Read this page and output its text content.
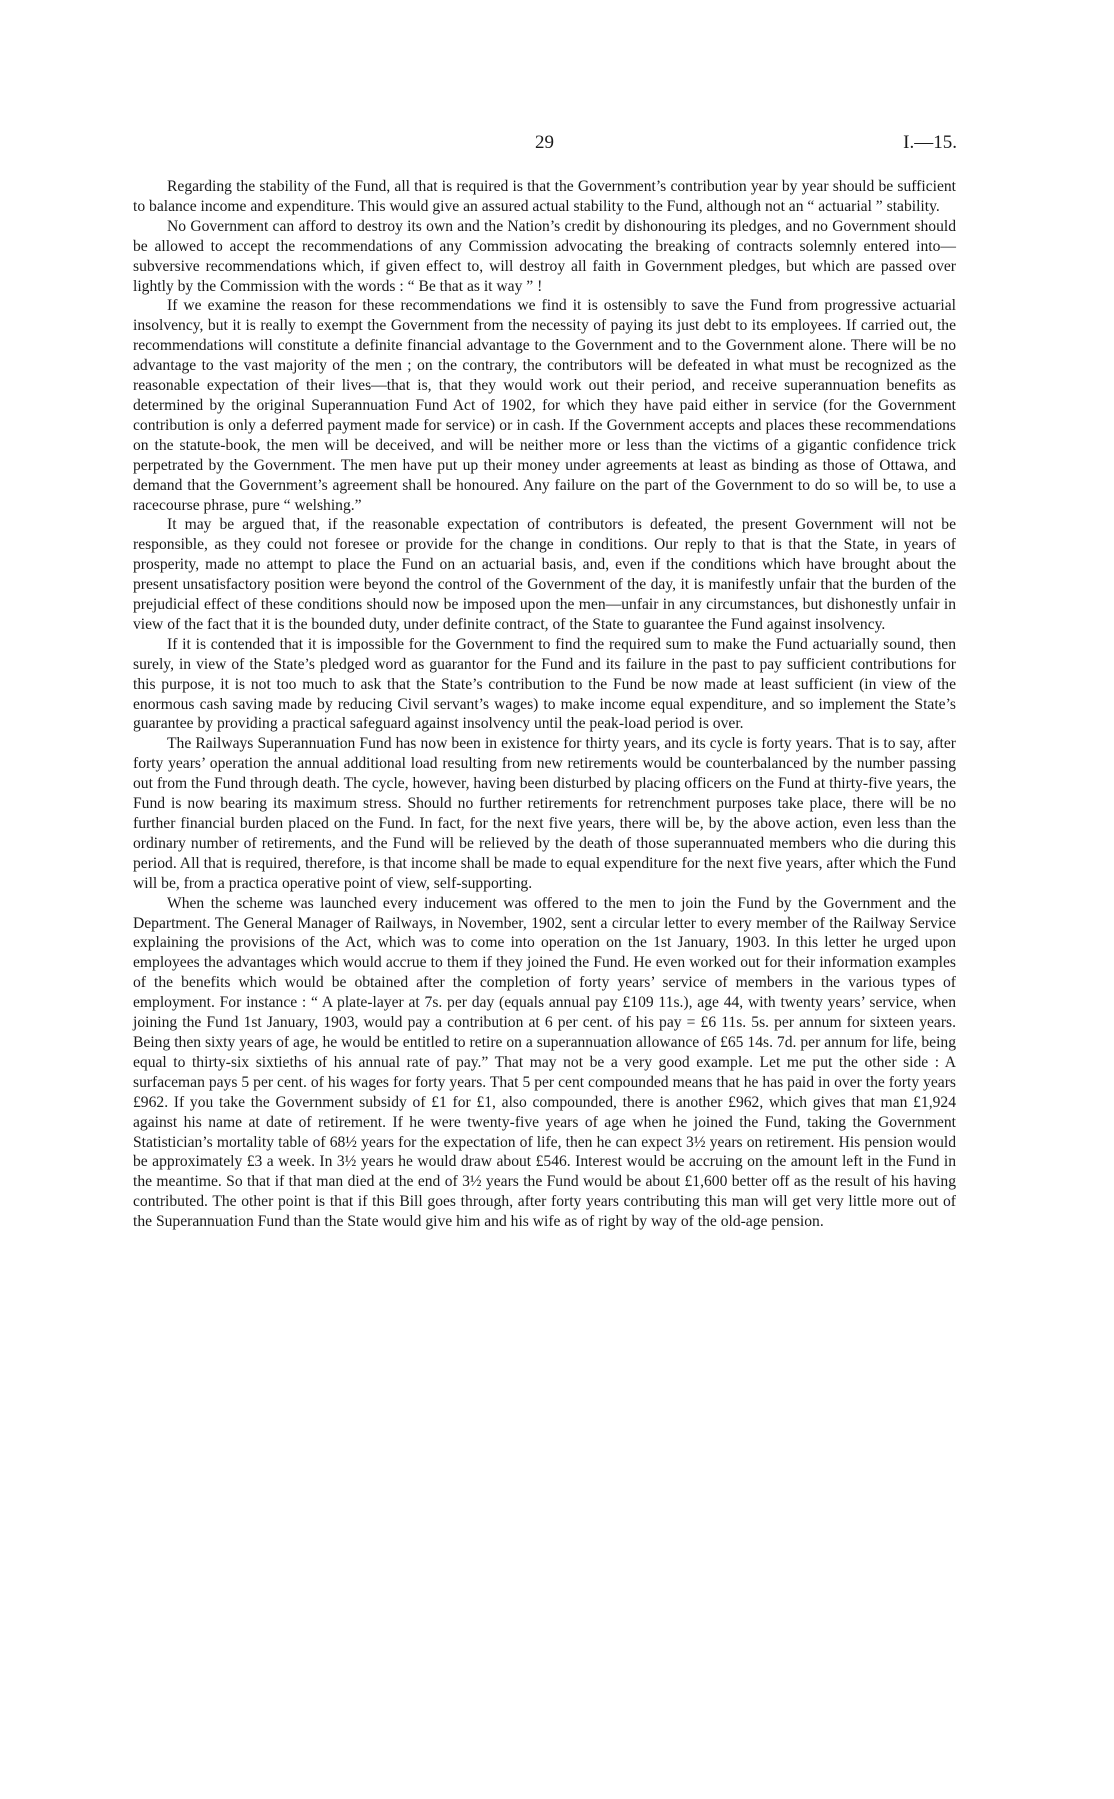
29	I.—15.

Regarding the stability of the Fund, all that is required is that the Government’s contribution year by year should be sufficient to balance income and expenditure. This would give an assured actual stability to the Fund, although not an “ actuarial ” stability.

No Government can afford to destroy its own and the Nation’s credit by dishonouring its pledges, and no Government should be allowed to accept the recommendations of any Commission advocating the breaking of contracts solemnly entered into—subversive recommendations which, if given effect to, will destroy all faith in Government pledges, but which are passed over lightly by the Commission with the words : “ Be that as it way ” !

If we examine the reason for these recommendations we find it is ostensibly to save the Fund from progressive actuarial insolvency, but it is really to exempt the Government from the necessity of paying its just debt to its employees. If carried out, the recommendations will constitute a definite financial advantage to the Government and to the Government alone. There will be no advantage to the vast majority of the men ; on the contrary, the contributors will be defeated in what must be recognized as the reasonable expectation of their lives—that is, that they would work out their period, and receive superannuation benefits as determined by the original Superannuation Fund Act of 1902, for which they have paid either in service (for the Government contribution is only a deferred payment made for service) or in cash. If the Government accepts and places these recommendations on the statute-book, the men will be deceived, and will be neither more or less than the victims of a gigantic confidence trick perpetrated by the Government. The men have put up their money under agreements at least as binding as those of Ottawa, and demand that the Government’s agreement shall be honoured. Any failure on the part of the Government to do so will be, to use a racecourse phrase, pure “ welshing.”

It may be argued that, if the reasonable expectation of contributors is defeated, the present Government will not be responsible, as they could not foresee or provide for the change in conditions. Our reply to that is that the State, in years of prosperity, made no attempt to place the Fund on an actuarial basis, and, even if the conditions which have brought about the present unsatisfactory position were beyond the control of the Government of the day, it is manifestly unfair that the burden of the prejudicial effect of these conditions should now be imposed upon the men—unfair in any circumstances, but dishonestly unfair in view of the fact that it is the bounded duty, under definite contract, of the State to guarantee the Fund against insolvency.

If it is contended that it is impossible for the Government to find the required sum to make the Fund actuarially sound, then surely, in view of the State’s pledged word as guarantor for the Fund and its failure in the past to pay sufficient contributions for this purpose, it is not too much to ask that the State’s contribution to the Fund be now made at least sufficient (in view of the enormous cash saving made by reducing Civil servant’s wages) to make income equal expenditure, and so implement the State’s guarantee by providing a practical safeguard against insolvency until the peak-load period is over.

The Railways Superannuation Fund has now been in existence for thirty years, and its cycle is forty years. That is to say, after forty years’ operation the annual additional load resulting from new retirements would be counterbalanced by the number passing out from the Fund through death. The cycle, however, having been disturbed by placing officers on the Fund at thirty-five years, the Fund is now bearing its maximum stress. Should no further retirements for retrenchment purposes take place, there will be no further financial burden placed on the Fund. In fact, for the next five years, there will be, by the above action, even less than the ordinary number of retirements, and the Fund will be relieved by the death of those superannuated members who die during this period. All that is required, therefore, is that income shall be made to equal expenditure for the next five years, after which the Fund will be, from a practica operative point of view, self-supporting.

When the scheme was launched every inducement was offered to the men to join the Fund by the Government and the Department. The General Manager of Railways, in November, 1902, sent a circular letter to every member of the Railway Service explaining the provisions of the Act, which was to come into operation on the 1st January, 1903. In this letter he urged upon employees the advantages which would accrue to them if they joined the Fund. He even worked out for their information examples of the benefits which would be obtained after the completion of forty years’ service of members in the various types of employment. For instance : “ A plate-layer at 7s. per day (equals annual pay £109 11s.), age 44, with twenty years’ service, when joining the Fund 1st January, 1903, would pay a contribution at 6 per cent. of his pay = £6 11s. 5s. per annum for sixteen years. Being then sixty years of age, he would be entitled to retire on a superannuation allowance of £65 14s. 7d. per annum for life, being equal to thirty-six sixtieths of his annual rate of pay.” That may not be a very good example. Let me put the other side : A surfaceman pays 5 per cent. of his wages for forty years. That 5 per cent compounded means that he has paid in over the forty years £962. If you take the Government subsidy of £1 for £1, also compounded, there is another £962, which gives that man £1,924 against his name at date of retirement. If he were twenty-five years of age when he joined the Fund, taking the Government Statistician’s mortality table of 68½ years for the expectation of life, then he can expect 3½ years on retirement. His pension would be approximately £3 a week. In 3½ years he would draw about £546. Interest would be accruing on the amount left in the Fund in the meantime. So that if that man died at the end of 3½ years the Fund would be about £1,600 better off as the result of his having contributed. The other point is that if this Bill goes through, after forty years contributing this man will get very little more out of the Superannuation Fund than the State would give him and his wife as of right by way of the old-age pension.
